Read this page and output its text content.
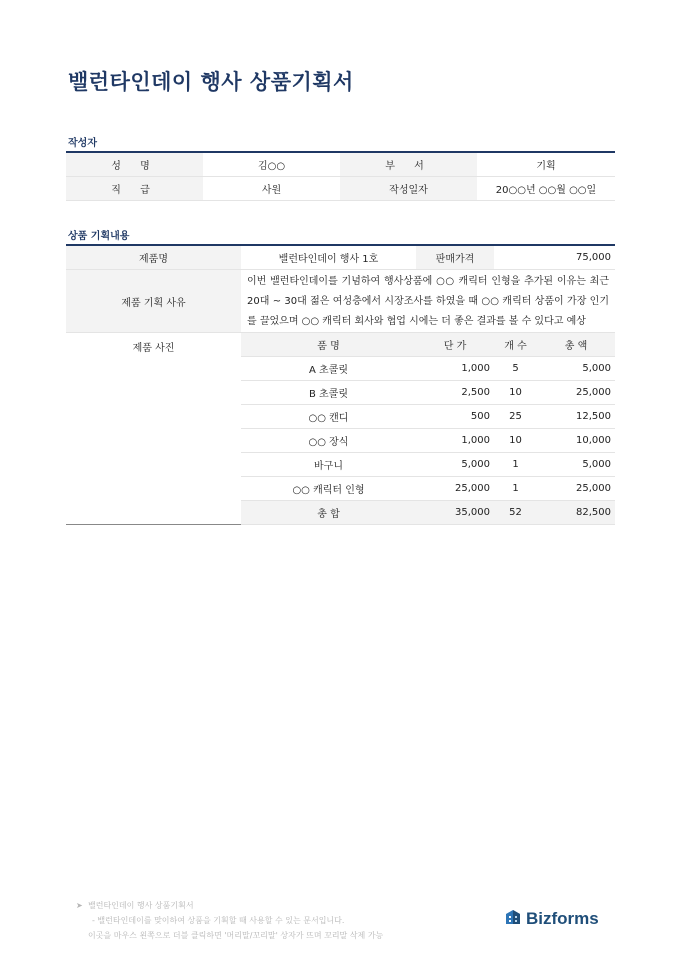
밸런타인데이 행사 상품기획서
작성자
성 명	김○○	부 서	기획
직 급	사원	작성일자	20○○년 ○○월 ○○일
상품 기획내용
제품명	밸런타인데이 행사 1호	판매가격	75,000	
제품 기획 사유	이번 밸런타인데이를 기념하여 행사상품에 ○○ 캐릭터 인형을 추가된 이유는 최근 20대 ~ 30대 젊은 여성층에서 시장조사를 하였을 때 ○○ 캐릭터 상품이 가장 인기를 끌었으며 ○○ 캐릭터 회사와 협업 시에는 더 좋은 결과를 볼 수 있다고 예상			
제품 사진	품 명	단 가	개 수	총 액
	A 초콜릿	1,000	5	5,000
	B 초콜릿	2,500	10	25,000
	○○ 캔디	500	25	12,500
	○○ 장식	1,000	10	10,000
	바구니	5,000	1	5,000
	○○ 캐릭터 인형	25,000	1	25,000
	총 합	35,000	52	82,500
➤ 밸런타인데이 행사 상품기획서
- 밸런타인데이를 맞이하여 상품을 기획할 때 사용할 수 있는 문서입니다.
이곳을 마우스 왼쪽으로 더블 클릭하면 '머리말/꼬리말' 상자가 뜨며 꼬리말 삭제 가능
Bizforms
